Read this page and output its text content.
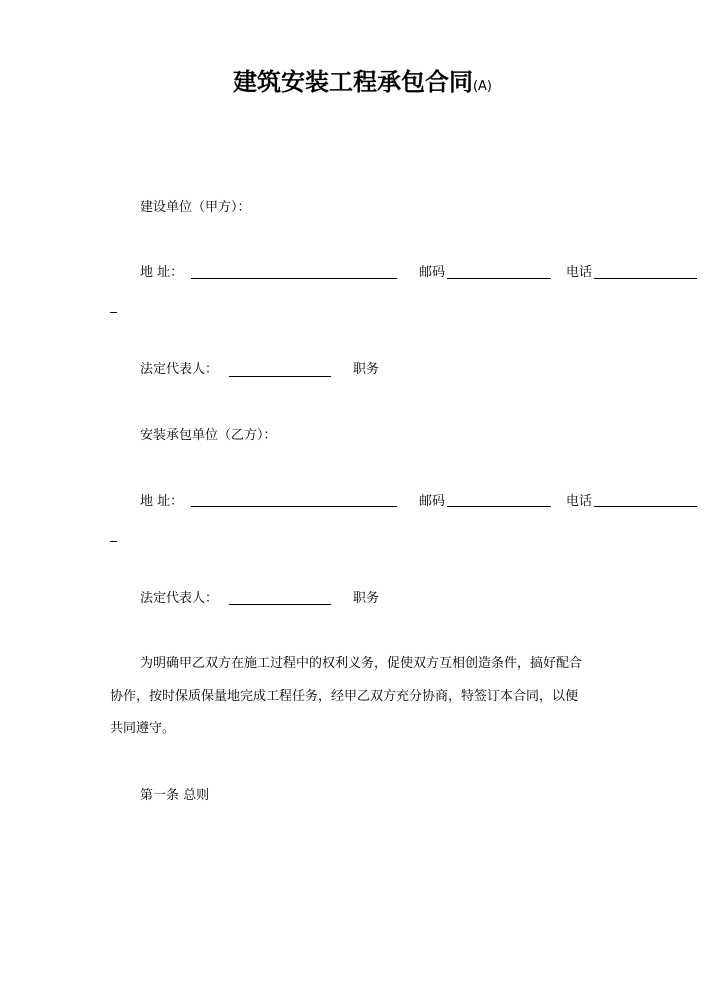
建筑安装工程承包合同(A)
建设单位（甲方）：
地 址：	邮码	电话
法定代表人：	职务
安装承包单位（乙方）：
地 址：	邮码	电话
法定代表人：	职务
为明确甲乙双方在施工过程中的权利义务，促使双方互相创造条件，搞好配合
协作，按时保质保量地完成工程任务，经甲乙双方充分协商，特签订本合同，以便
共同遵守。
第一条 总则
